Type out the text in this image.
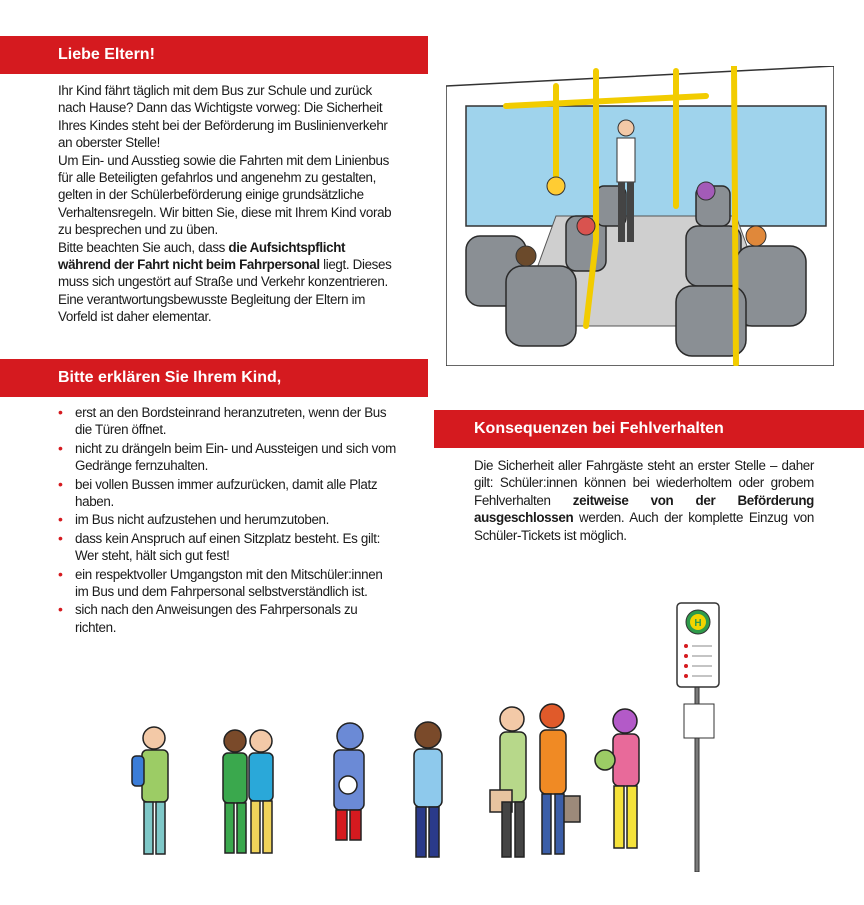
Liebe Eltern!

Ihr Kind fährt täglich mit dem Bus zur Schule und zurück nach Hause? Dann das Wichtigste vorweg: Die Sicherheit Ihres Kindes steht bei der Beförderung im Buslinienverkehr an oberster Stelle!

Um Ein- und Ausstieg sowie die Fahrten mit dem Linienbus für alle Beteiligten gefahrlos und angenehm zu gestalten, gelten in der Schülerbeförderung einige grundsätzliche Verhaltensregeln. Wir bitten Sie, diese mit Ihrem Kind vorab zu besprechen und zu üben.

Bitte beachten Sie auch, dass die Aufsichtspflicht während der Fahrt nicht beim Fahrpersonal liegt. Dieses muss sich ungestört auf Straße und Verkehr konzentrieren. Eine verantwortungsbewusste Begleitung der Eltern im Vorfeld ist daher elementar.

Bitte erklären Sie Ihrem Kind,
• erst an den Bordsteinrand heranzutreten, wenn der Bus die Türen öffnet.
• nicht zu drängeln beim Ein- und Aussteigen und sich vom Gedränge fernzuhalten.
• bei vollen Bussen immer aufzurücken, damit alle Platz haben.
• im Bus nicht aufzustehen und herumzutoben.
• dass kein Anspruch auf einen Sitzplatz besteht. Es gilt: Wer steht, hält sich gut fest!
• ein respektvoller Umgangston mit den Mitschüler:innen im Bus und dem Fahrpersonal selbstverständlich ist.
• sich nach den Anweisungen des Fahrpersonals zu richten.
Konsequenzen bei Fehlverhalten
Die Sicherheit aller Fahrgäste steht an erster Stelle – daher gilt: Schüler:innen können bei wiederholtem oder grobem Fehlverhalten zeitweise von der Beförderung ausgeschlossen werden. Auch der komplette Einzug von Schüler-Tickets ist möglich.
H
